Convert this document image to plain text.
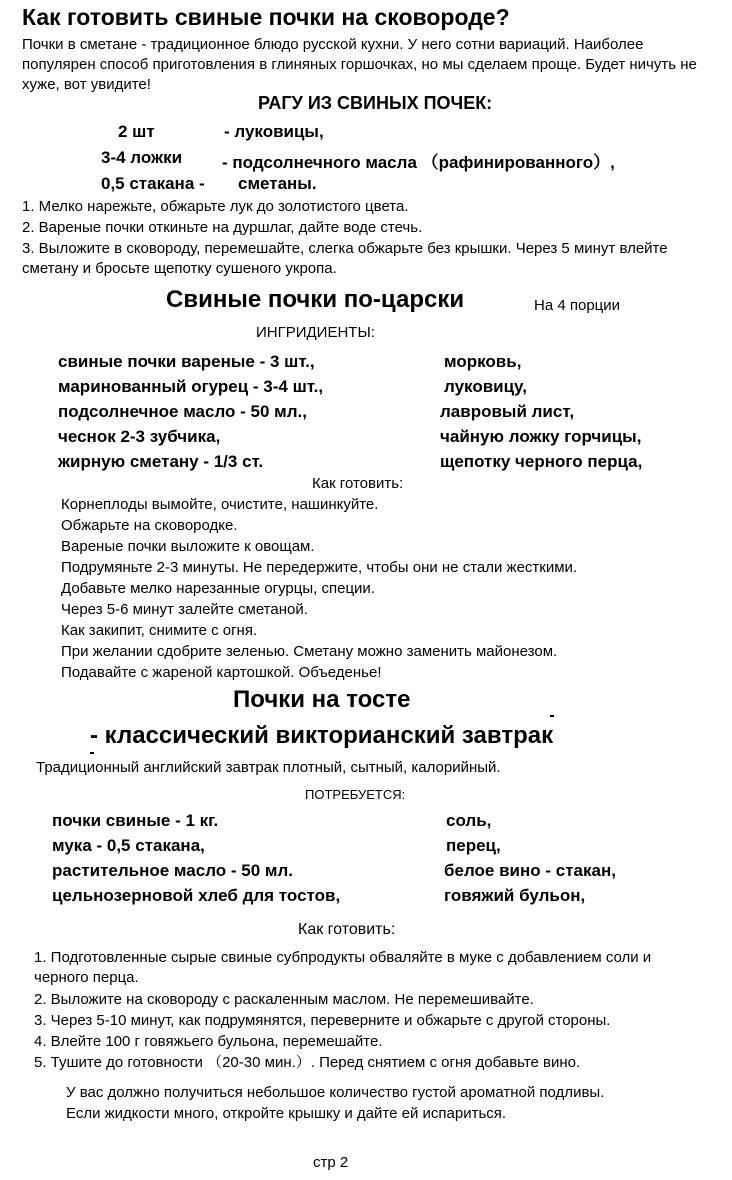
Как готовить свиные почки на сковороде?
Почки в сметане - традиционное блюдо русской кухни. У него сотни вариаций. Наиболее популярен способ приготовления в глиняных горшочках, но мы сделаем проще. Будет ничуть не хуже, вот увидите!
РАГУ ИЗ СВИНЫХ ПОЧЕК:
2 шт	- луковицы,
3-4 ложки - подсолнечного масла （рафинированного）,
0,5 стакана - сметаны.
1. Мелко нарежьте, обжарьте лук до золотистого цвета.
2. Вареные почки откиньте на дуршлаг, дайте воде стечь.
3. Выложите в сковороду, перемешайте, слегка обжарьте без крышки. Через 5 минут влейте сметану и бросьте щепотку сушеного укропа.
Свиные почки по-царски	На 4 порции
ИНГРИДИЕНТЫ:
свиные почки вареные - 3 шт.,
маринованный огурец - 3-4 шт.,
подсолнечное масло - 50 мл.,
чеснок 2-3 зубчика,
жирную сметану - 1/3 ст.
морковь,
луковицу,
лавровый лист,
чайную ложку горчицы,
щепотку черного перца,
Как готовить:
Корнеплоды вымойте, очистите, нашинкуйте.
Обжарьте на сковородке.
Вареные почки выложите к овощам.
Подрумяньте 2-3 минуты. Не передержите, чтобы они не стали жесткими.
Добавьте мелко нарезанные огурцы, специи.
Через 5-6 минут залейте сметаной.
Как закипит, снимите с огня.
При желании сдобрите зеленью. Сметану можно заменить майонезом.
Подавайте с жареной картошкой. Объеденье!
Почки на тосте
- классический викторианский завтрак
Традиционный английский завтрак плотный, сытный, калорийный.
ПОТРЕБУЕТСЯ:
почки свиные - 1 кг.
мука - 0,5 стакана,
растительное масло - 50 мл.
цельнозерновой хлеб для тостов,
соль,
перец,
белое вино - стакан,
говяжий бульон,
Как готовить:
1. Подготовленные сырые свиные субпродукты обваляйте в муке с добавлением соли и черного перца.
2. Выложите на сковороду с раскаленным маслом. Не перемешивайте.
3. Через 5-10 минут, как подрумянятся, переверните и обжарьте с другой стороны.
4. Влейте 100 г говяжьего бульона, перемешайте.
5. Тушите до готовности （20-30 мин.）. Перед снятием с огня добавьте вино.
У вас должно получиться небольшое количество густой ароматной подливы.
Если жидкости много, откройте крышку и дайте ей испариться.
стр 2
